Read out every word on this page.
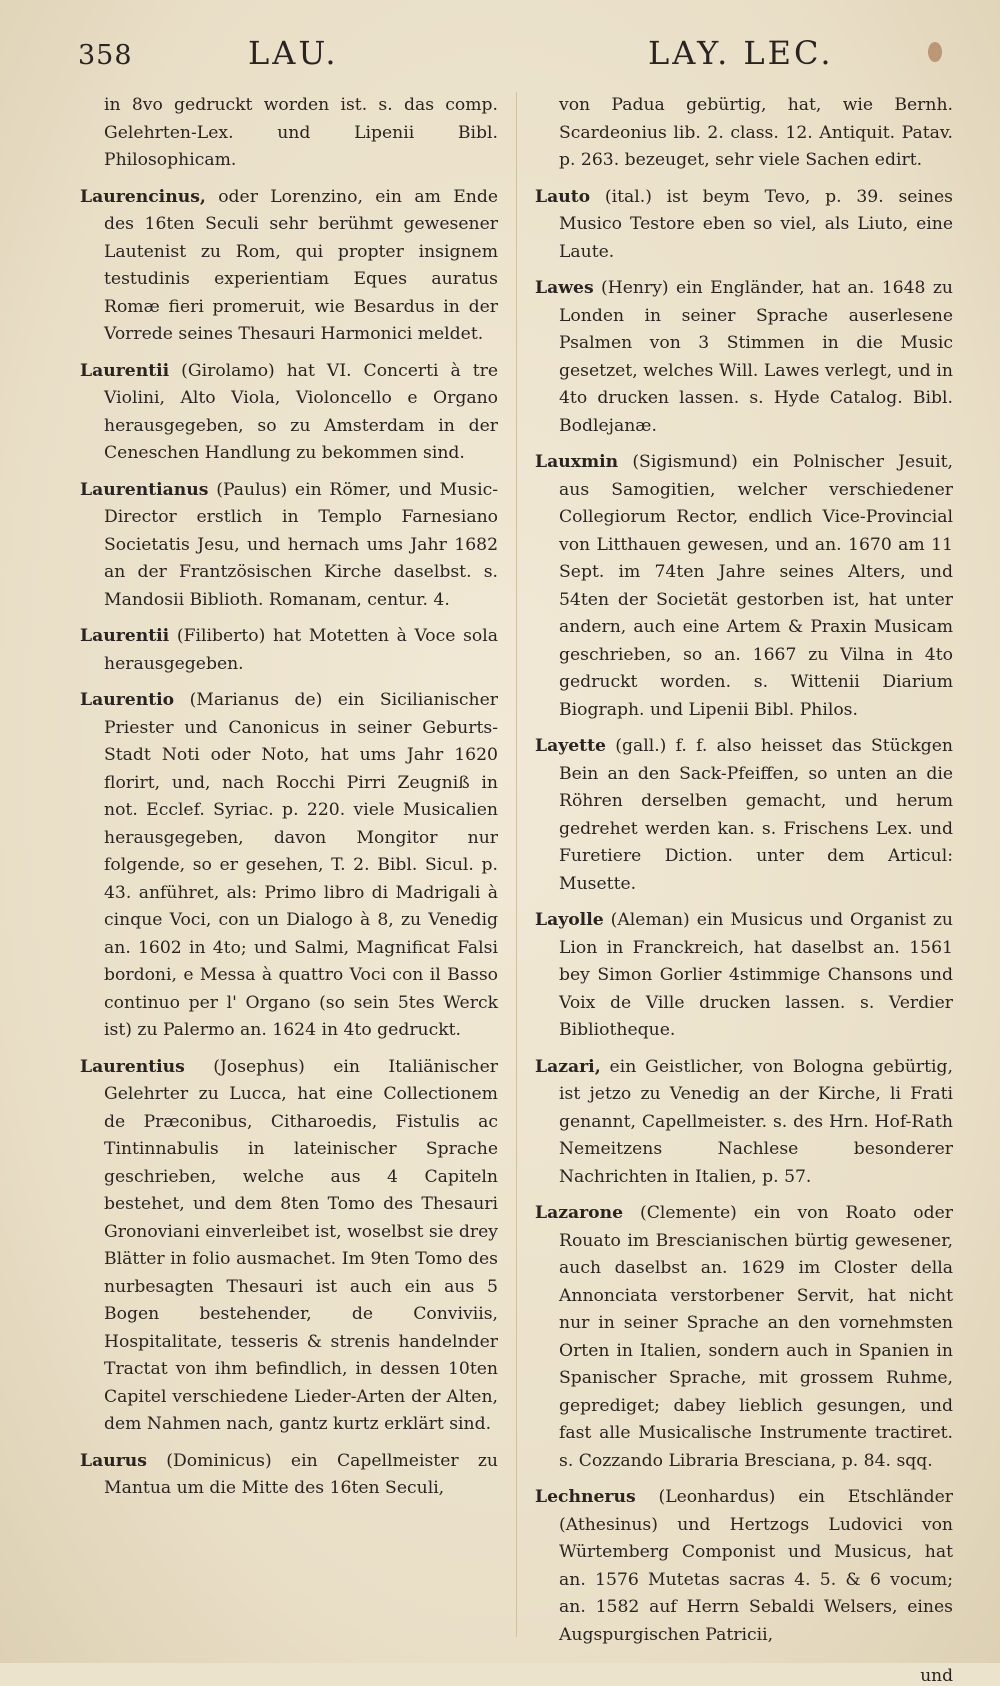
358	LAU.	LAY. LEC.

in 8vo gedruckt worden ist. s. das comp. Gelehrten-Lex. und Lipenii Bibl. Philosophicam.

Laurencinus, oder Lorenzino, ein am Ende des 16ten Seculi sehr berühmt gewesener Lautenist zu Rom, qui propter insignem testudinis experientiam Eques auratus Romæ fieri promeruit, wie Besardus in der Vorrede seines Thesauri Harmonici meldet.

Laurentii (Girolamo) hat VI. Concerti à tre Violini, Alto Viola, Violoncello e Organo herausgegeben, so zu Amsterdam in der Ceneschen Handlung zu bekommen sind.

Laurentianus (Paulus) ein Römer, und Music-Director erstlich in Templo Farnesiano Societatis Jesu, und hernach ums Jahr 1682 an der Frantzösischen Kirche daselbst. s. Mandosii Biblioth. Romanam, centur. 4.

Laurentii (Filiberto) hat Motetten à Voce sola herausgegeben.

Laurentio (Marianus de) ein Sicilianischer Priester und Canonicus in seiner Geburts-Stadt Noti oder Noto, hat ums Jahr 1620 florirt, und, nach Rocchi Pirri Zeugniß in not. Ecclef. Syriac. p. 220. viele Musicalien herausgegeben, davon Mongitor nur folgende, so er gesehen, T. 2. Bibl. Sicul. p. 43. anführet, als: Primo libro di Madrigali à cinque Voci, con un Dialogo à 8, zu Venedig an. 1602 in 4to; und Salmi, Magnificat Falsi bordoni, e Messa à quattro Voci con il Basso continuo per l' Organo (so sein 5tes Werck ist) zu Palermo an. 1624 in 4to gedruckt.

Laurentius (Josephus) ein Italiänischer Gelehrter zu Lucca, hat eine Collectionem de Præconibus, Citharoedis, Fistulis ac Tintinnabulis in lateinischer Sprache geschrieben, welche aus 4 Capiteln bestehet, und dem 8ten Tomo des Thesauri Gronoviani einverleibet ist, woselbst sie drey Blätter in folio ausmachet. Im 9ten Tomo des nurbesagten Thesauri ist auch ein aus 5 Bogen bestehender, de Conviviis, Hospitalitate, tesseris & strenis handelnder Tractat von ihm befindlich, in dessen 10ten Capitel verschiedene Lieder-Arten der Alten, dem Nahmen nach, gantz kurtz erklärt sind.

Laurus (Dominicus) ein Capellmeister zu Mantua um die Mitte des 16ten Seculi,

von Padua gebürtig, hat, wie Bernh. Scardeonius lib. 2. class. 12. Antiquit. Patav. p. 263. bezeuget, sehr viele Sachen edirt.

Lauto (ital.) ist beym Tevo, p. 39. seines Musico Testore eben so viel, als Liuto, eine Laute.

Lawes (Henry) ein Engländer, hat an. 1648 zu Londen in seiner Sprache auserlesene Psalmen von 3 Stimmen in die Music gesetzet, welches Will. Lawes verlegt, und in 4to drucken lassen. s. Hyde Catalog. Bibl. Bodlejanæ.

Lauxmin (Sigismund) ein Polnischer Jesuit, aus Samogitien, welcher verschiedener Collegiorum Rector, endlich Vice-Provincial von Litthauen gewesen, und an. 1670 am 11 Sept. im 74ten Jahre seines Alters, und 54ten der Societät gestorben ist, hat unter andern, auch eine Artem & Praxin Musicam geschrieben, so an. 1667 zu Vilna in 4to gedruckt worden. s. Wittenii Diarium Biograph. und Lipenii Bibl. Philos.

Layette (gall.) f. f. also heisset das Stückgen Bein an den Sack-Pfeiffen, so unten an die Röhren derselben gemacht, und herum gedrehet werden kan. s. Frischens Lex. und Furetiere Diction. unter dem Articul: Musette.

Layolle (Aleman) ein Musicus und Organist zu Lion in Franckreich, hat daselbst an. 1561 bey Simon Gorlier 4stimmige Chansons und Voix de Ville drucken lassen. s. Verdier Bibliotheque.

Lazari, ein Geistlicher, von Bologna gebürtig, ist jetzo zu Venedig an der Kirche, li Frati genannt, Capellmeister. s. des Hrn. Hof-Rath Nemeitzens Nachlese besonderer Nachrichten in Italien, p. 57.

Lazarone (Clemente) ein von Roato oder Rouato im Brescianischen bürtig gewesener, auch daselbst an. 1629 im Closter della Annonciata verstorbener Servit, hat nicht nur in seiner Sprache an den vornehmsten Orten in Italien, sondern auch in Spanien in Spanischer Sprache, mit grossem Ruhme, geprediget; dabey lieblich gesungen, und fast alle Musicalische Instrumente tractiret. s. Cozzando Libraria Bresciana, p. 84. sqq.

Lechnerus (Leonhardus) ein Etschländer (Athesinus) und Hertzogs Ludovici von Würtemberg Componist und Musicus, hat an. 1576 Mutetas sacras 4. 5. & 6 vocum; an. 1582 auf Herrn Sebaldi Welsers, eines Augspurgischen Patricii,

und
